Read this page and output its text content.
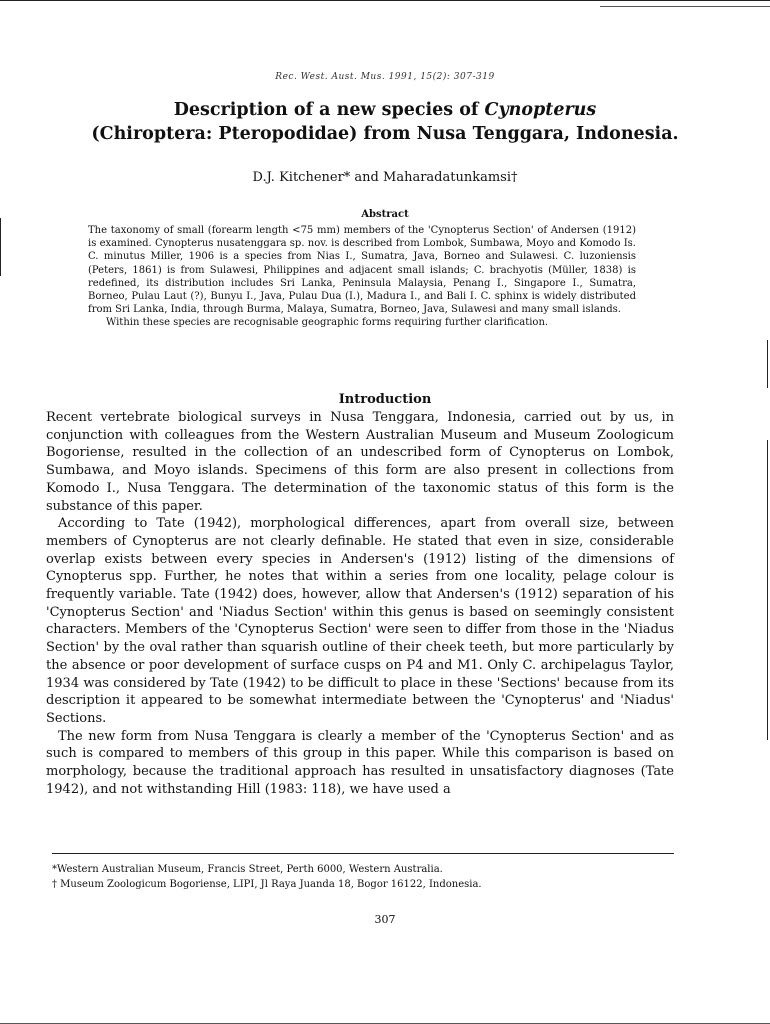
Rec. West. Aust. Mus. 1991, 15(2): 307-319
Description of a new species of Cynopterus
(Chiroptera: Pteropodidae) from Nusa Tenggara, Indonesia.
D.J. Kitchener* and Maharadatunkamsi†
Abstract

The taxonomy of small (forearm length <75 mm) members of the 'Cynopterus Section' of Andersen (1912) is examined. Cynopterus nusatenggara sp. nov. is described from Lombok, Sumbawa, Moyo and Komodo Is. C. minutus Miller, 1906 is a species from Nias I., Sumatra, Java, Borneo and Sulawesi. C. luzoniensis (Peters, 1861) is from Sulawesi, Philippines and adjacent small islands; C. brachyotis (Müller, 1838) is redefined, its distribution includes Sri Lanka, Peninsula Malaysia, Penang I., Singapore I., Sumatra, Borneo, Pulau Laut (?), Bunyu I., Java, Pulau Dua (I.), Madura I., and Bali I. C. sphinx is widely distributed from Sri Lanka, India, through Burma, Malaya, Sumatra, Borneo, Java, Sulawesi and many small islands.

Within these species are recognisable geographic forms requiring further clarification.

Introduction

Recent vertebrate biological surveys in Nusa Tenggara, Indonesia, carried out by us, in conjunction with colleagues from the Western Australian Museum and Museum Zoologicum Bogoriense, resulted in the collection of an undescribed form of Cynopterus on Lombok, Sumbawa, and Moyo islands. Specimens of this form are also present in collections from Komodo I., Nusa Tenggara. The determination of the taxonomic status of this form is the substance of this paper.

According to Tate (1942), morphological differences, apart from overall size, between members of Cynopterus are not clearly definable. He stated that even in size, considerable overlap exists between every species in Andersen's (1912) listing of the dimensions of Cynopterus spp. Further, he notes that within a series from one locality, pelage colour is frequently variable. Tate (1942) does, however, allow that Andersen's (1912) separation of his 'Cynopterus Section' and 'Niadus Section' within this genus is based on seemingly consistent characters. Members of the 'Cynopterus Section' were seen to differ from those in the 'Niadus Section' by the oval rather than squarish outline of their cheek teeth, but more particularly by the absence or poor development of surface cusps on P4 and M1. Only C. archipelagus Taylor, 1934 was considered by Tate (1942) to be difficult to place in these 'Sections' because from its description it appeared to be somewhat intermediate between the 'Cynopterus' and 'Niadus' Sections.

The new form from Nusa Tenggara is clearly a member of the 'Cynopterus Section' and as such is compared to members of this group in this paper. While this comparison is based on morphology, because the traditional approach has resulted in unsatisfactory diagnoses (Tate 1942), and not withstanding Hill (1983: 118), we have used a

*Western Australian Museum, Francis Street, Perth 6000, Western Australia.

† Museum Zoologicum Bogoriense, LIPI, Jl Raya Juanda 18, Bogor 16122, Indonesia.

307
